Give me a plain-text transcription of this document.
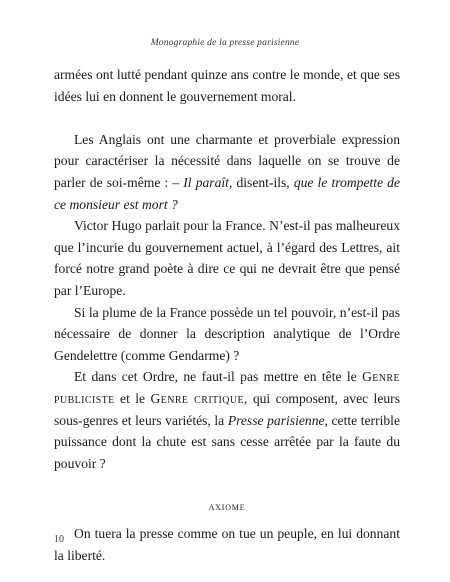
Monographie de la presse parisienne

armées ont lutté pendant quinze ans contre le monde, et que ses idées lui en donnent le gouvernement moral.

Les Anglais ont une charmante et proverbiale expression pour caractériser la nécessité dans laquelle on se trouve de parler de soi-même : – Il paraît, disent-ils, que le trompette de ce monsieur est mort ?

Victor Hugo parlait pour la France. N’est-il pas malheureux que l’incurie du gouvernement actuel, à l’égard des Lettres, ait forcé notre grand poète à dire ce qui ne devrait être que pensé par l’Europe.

Si la plume de la France possède un tel pouvoir, n’est-il pas nécessaire de donner la description analytique de l’Ordre Gendelettre (comme Gendarme) ?

Et dans cet Ordre, ne faut-il pas mettre en tête le Genre publiciste et le Genre critique, qui composent, avec leurs sous-genres et leurs variétés, la Presse parisienne, cette terrible puissance dont la chute est sans cesse arrêtée par la faute du pouvoir ?

axiome

On tuera la presse comme on tue un peuple, en lui donnant la liberté.

10
